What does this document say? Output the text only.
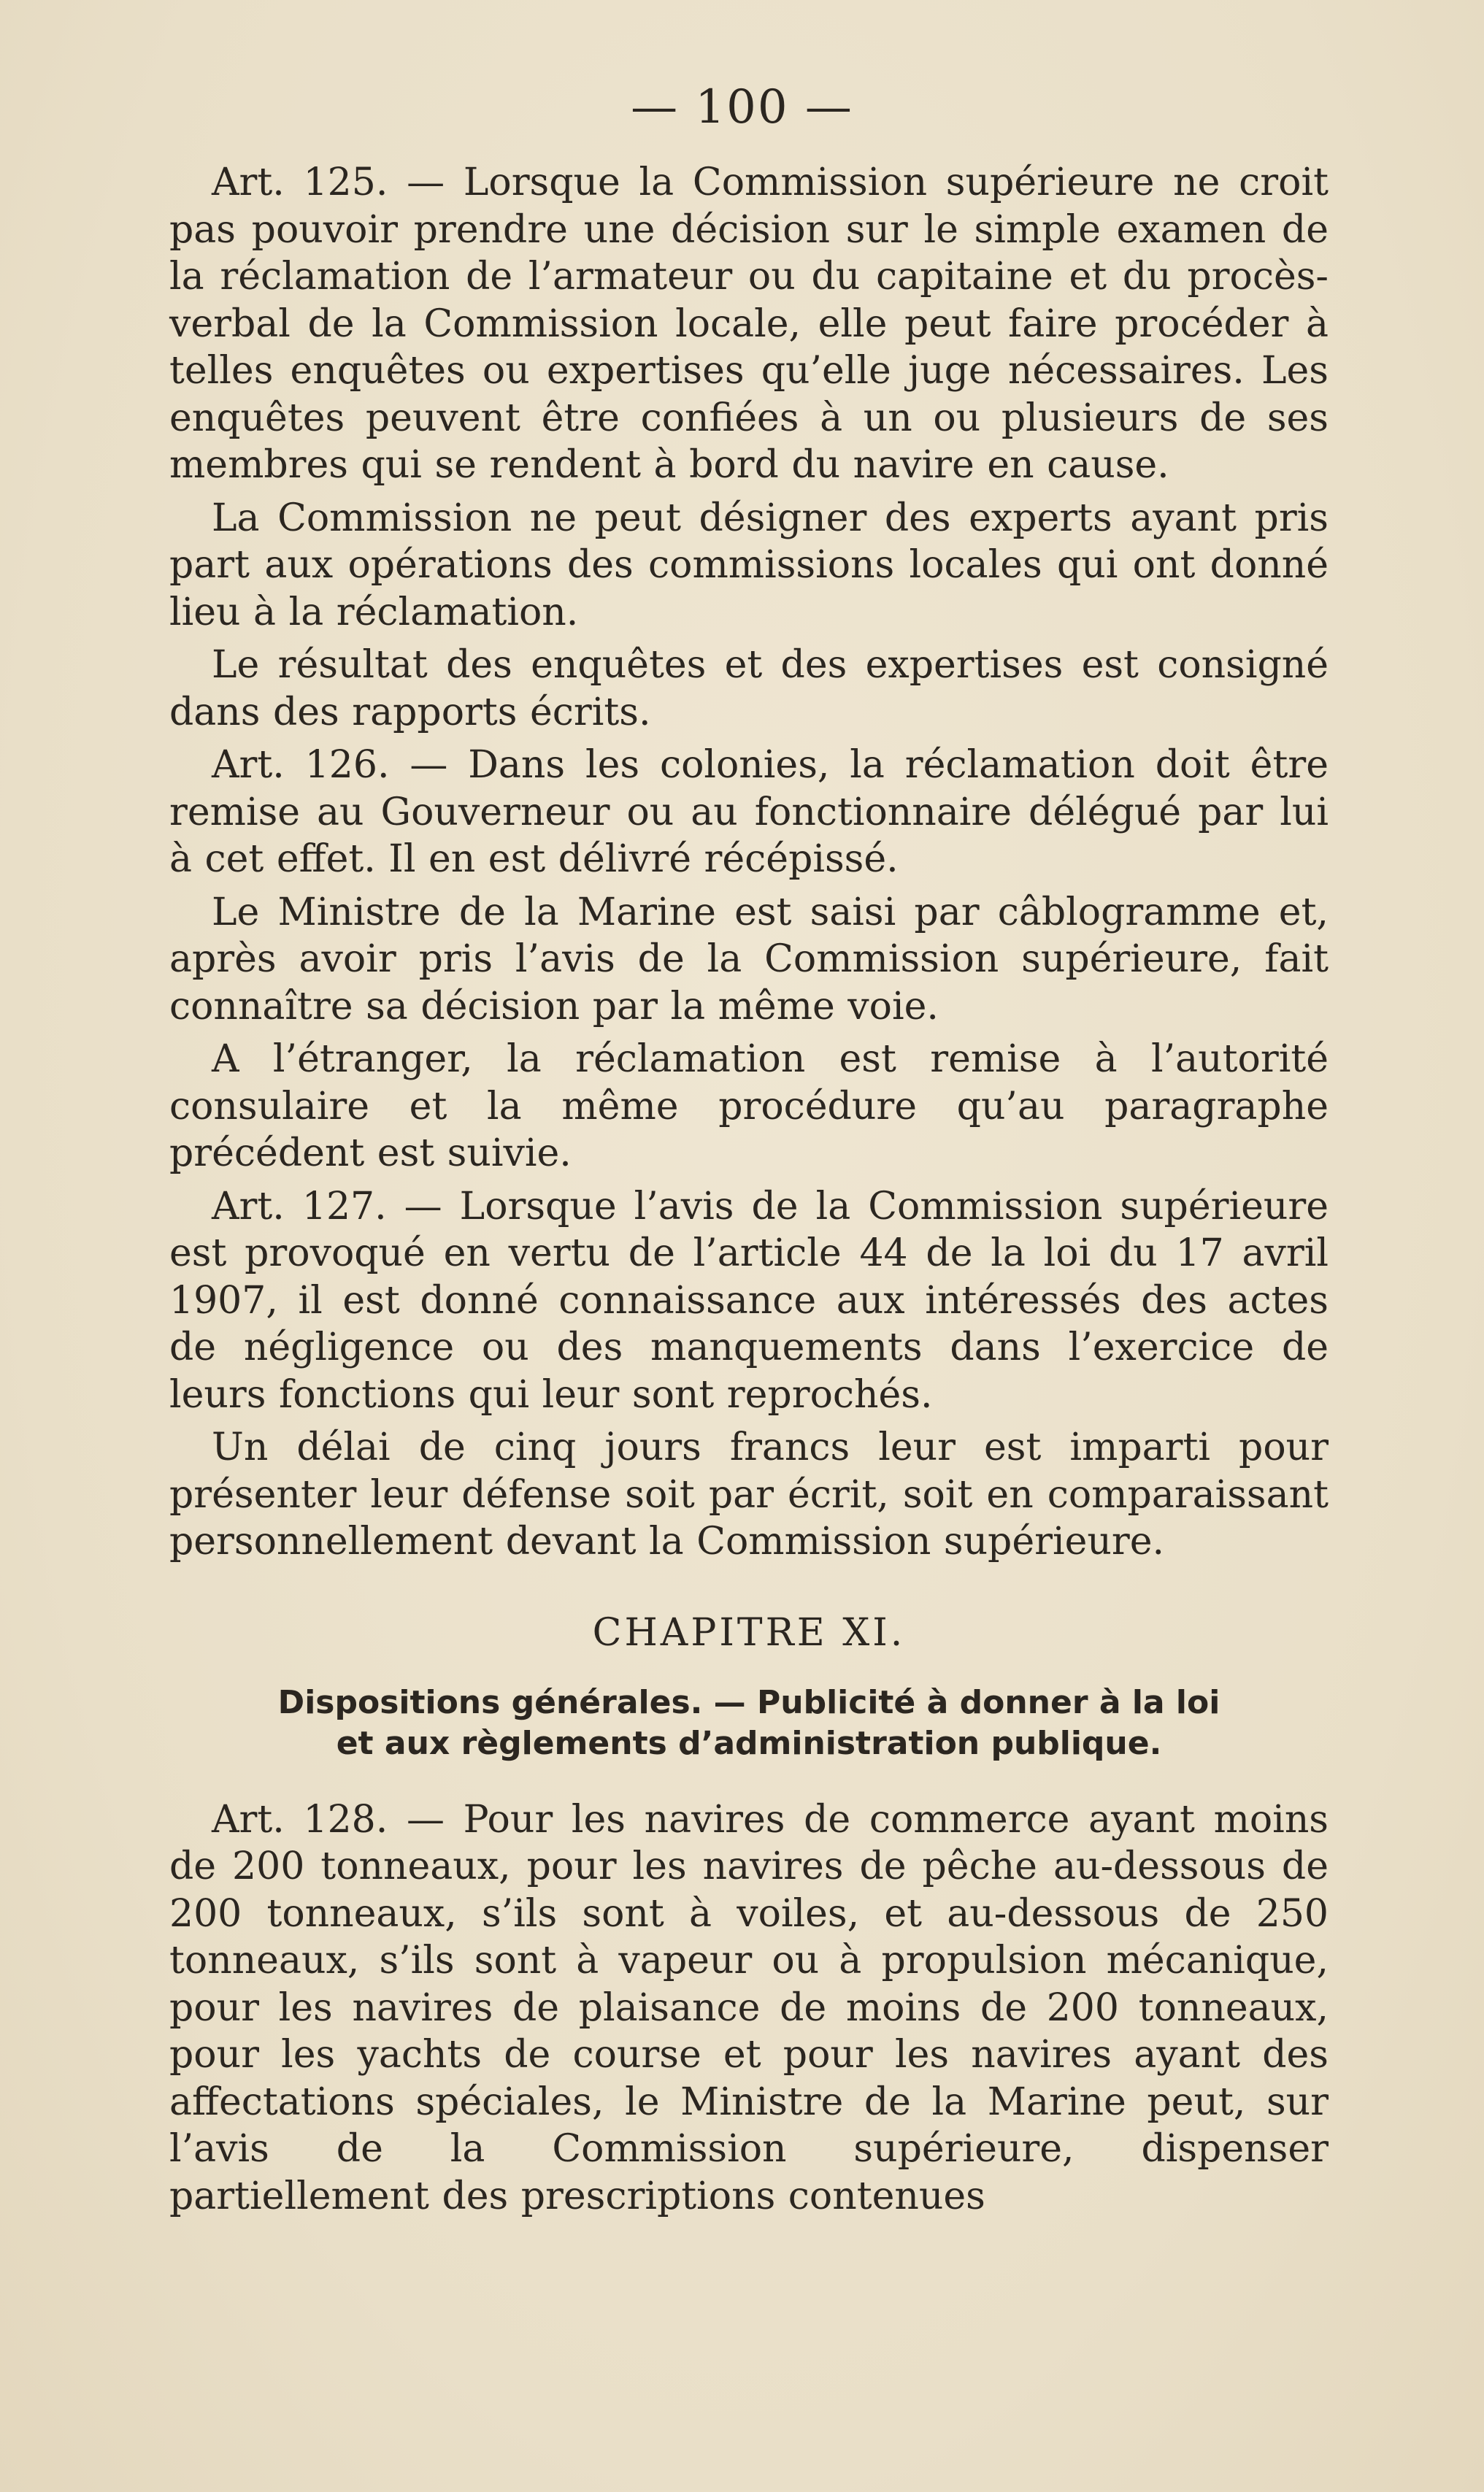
— 100 —

Art. 125. — Lorsque la Commission supérieure ne croit pas pouvoir prendre une décision sur le simple examen de la réclamation de l’armateur ou du capitaine et du procès-verbal de la Commission locale, elle peut faire procéder à telles enquêtes ou expertises qu’elle juge nécessaires. Les enquêtes peuvent être confiées à un ou plusieurs de ses membres qui se rendent à bord du navire en cause.

La Commission ne peut désigner des experts ayant pris part aux opérations des commissions locales qui ont donné lieu à la réclamation.

Le résultat des enquêtes et des expertises est consigné dans des rapports écrits.

Art. 126. — Dans les colonies, la réclamation doit être remise au Gouverneur ou au fonctionnaire délégué par lui à cet effet. Il en est délivré récépissé.

Le Ministre de la Marine est saisi par câblogramme et, après avoir pris l’avis de la Commission supérieure, fait connaître sa décision par la même voie.

A l’étranger, la réclamation est remise à l’autorité consulaire et la même procédure qu’au paragraphe précédent est suivie.

Art. 127. — Lorsque l’avis de la Commission supérieure est provoqué en vertu de l’article 44 de la loi du 17 avril 1907, il est donné connaissance aux intéressés des actes de négligence ou des manquements dans l’exercice de leurs fonctions qui leur sont reprochés.

Un délai de cinq jours francs leur est imparti pour présenter leur défense soit par écrit, soit en comparaissant personnellement devant la Commission supérieure.

CHAPITRE XI.
Dispositions générales. — Publicité à donner à la loi
et aux règlements d’administration publique.

Art. 128. — Pour les navires de commerce ayant moins de 200 tonneaux, pour les navires de pêche au-dessous de 200 tonneaux, s’ils sont à voiles, et au-dessous de 250 tonneaux, s’ils sont à vapeur ou à propulsion mécanique, pour les navires de plaisance de moins de 200 tonneaux, pour les yachts de course et pour les navires ayant des affectations spéciales, le Ministre de la Marine peut, sur l’avis de la Commission supérieure, dispenser partiellement des prescriptions contenues
